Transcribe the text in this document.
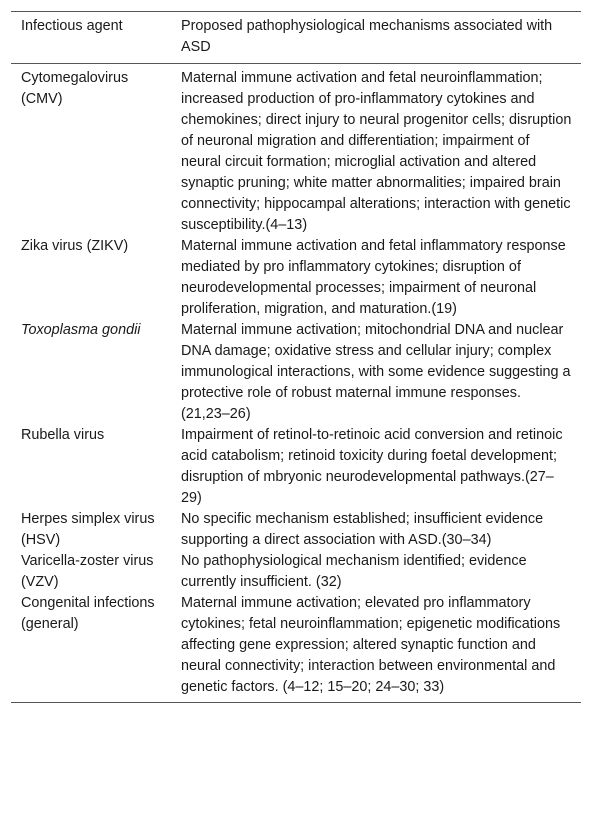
Infectious agent	Proposed pathophysiological mechanisms associated with ASD
Cytomegalovirus (CMV)	Maternal immune activation and fetal neuroinflammation; increased production of pro-inflammatory cytokines and chemokines; direct injury to neural progenitor cells; disruption of neuronal migration and differentiation; impairment of neural circuit formation; microglial activation and altered synaptic pruning; white matter abnormalities; impaired brain connectivity; hippocampal alterations; interaction with genetic susceptibility.(4–13)
Zika virus (ZIKV)	Maternal immune activation and fetal inflammatory response mediated by pro inflammatory cytokines; disruption of neurodevelopmental processes; impairment of neuronal proliferation, migration, and maturation.(19)
Toxoplasma gondii	Maternal immune activation; mitochondrial DNA and nuclear DNA damage; oxidative stress and cellular injury; complex immunological interactions, with some evidence suggesting a protective role of robust maternal immune responses. (21,23–26)
Rubella virus	Impairment of retinol-to-retinoic acid conversion and retinoic acid catabolism; retinoid toxicity during foetal development; disruption of mbryonic neurodevelopmental pathways.(27–29)
Herpes simplex virus (HSV)	No specific mechanism established; insufficient evidence supporting a direct association with ASD.(30–34)
Varicella-zoster virus (VZV)	No pathophysiological mechanism identified; evidence currently insufficient. (32)
Congenital infections (general)	Maternal immune activation; elevated pro inflammatory cytokines; fetal neuroinflammation; epigenetic modifications affecting gene expression; altered synaptic function and neural connectivity; interaction between environmental and genetic factors. (4–12; 15–20; 24–30; 33)
